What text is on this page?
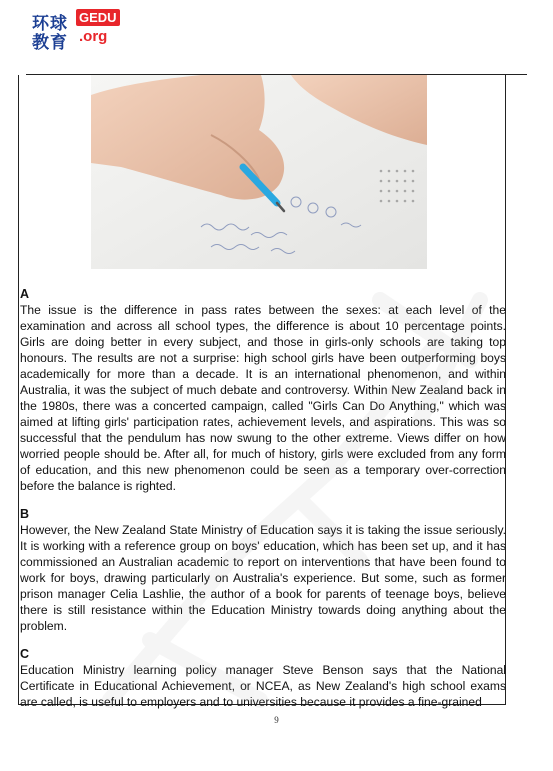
环球 GEDU
教育 .org

A

The issue is the difference in pass rates between the sexes: at each level of the examination and across all school types, the difference is about 10 percentage points. Girls are doing better in every subject, and those in girls-only schools are taking top honours. The results are not a surprise: high school girls have been outperforming boys academically for more than a decade. It is an international phenomenon, and within Australia, it was the subject of much debate and controversy. Within New Zealand back in the 1980s, there was a concerted campaign, called "Girls Can Do Anything," which was aimed at lifting girls' participation rates, achievement levels, and aspirations. This was so successful that the pendulum has now swung to the other extreme. Views differ on how worried people should be. After all, for much of history, girls were excluded from any form of education, and this new phenomenon could be seen as a temporary over-correction before the balance is righted.

B

However, the New Zealand State Ministry of Education says it is taking the issue seriously. It is working with a reference group on boys' education, which has been set up, and it has commissioned an Australian academic to report on interventions that have been found to work for boys, drawing particularly on Australia's experience. But some, such as former prison manager Celia Lashlie, the author of a book for parents of teenage boys, believe there is still resistance within the Education Ministry towards doing anything about the problem.

C

Education Ministry learning policy manager Steve Benson says that the National Certificate in Educational Achievement, or NCEA, as New Zealand's high school exams are called, is useful to employers and to universities because it provides a fine-grained

9
